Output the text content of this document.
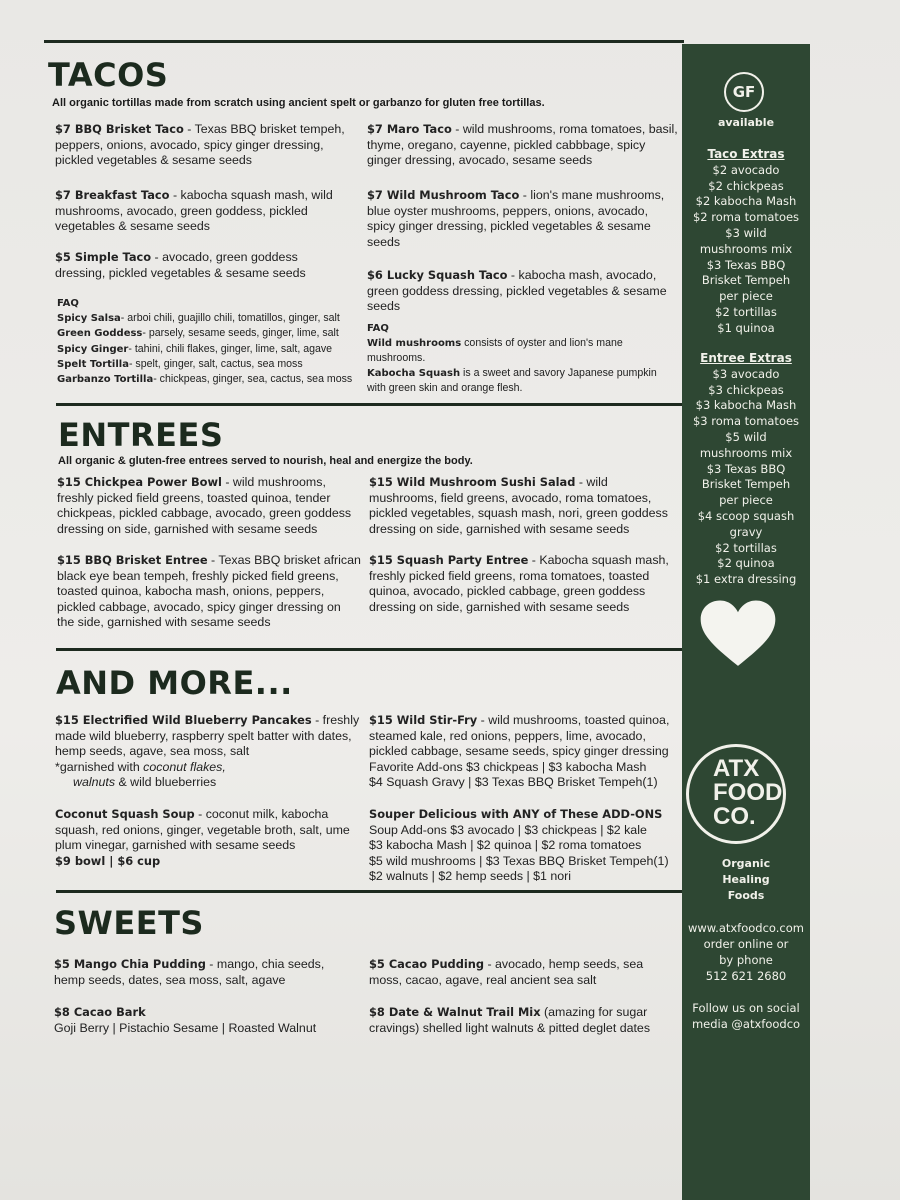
TACOS
All organic tortillas made from scratch using ancient spelt or garbanzo for gluten free tortillas.
$7 BBQ Brisket Taco - Texas BBQ brisket tempeh, peppers, onions, avocado, spicy ginger dressing, pickled vegetables & sesame seeds
$7 Breakfast Taco - kabocha squash mash, wild mushrooms, avocado, green goddess, pickled vegetables & sesame seeds
$5 Simple Taco - avocado, green goddess dressing, pickled vegetables & sesame seeds
$7 Maro Taco - wild mushrooms, roma tomatoes, basil, thyme, oregano, cayenne, pickled cabbbage, spicy ginger dressing, avocado, sesame seeds
$7 Wild Mushroom Taco - lion's mane mushrooms, blue oyster mushrooms, peppers, onions, avocado, spicy ginger dressing, pickled vegetables & sesame seeds
$6 Lucky Squash Taco - kabocha mash, avocado, green goddess dressing, pickled vegetables & sesame seeds
FAQ
Spicy Salsa- arboi chili, guajillo chili, tomatillos, ginger, salt
Green Goddess- parsely, sesame seeds, ginger, lime, salt
Spicy Ginger- tahini, chili flakes, ginger, lime, salt, agave
Spelt Tortilla- spelt, ginger, salt, cactus, sea moss
Garbanzo Tortilla- chickpeas, ginger, sea, cactus, sea moss
FAQ
Wild mushrooms consists of oyster and lion's mane mushrooms.
Kabocha Squash is a sweet and savory Japanese pumpkin with green skin and orange flesh.
ENTREES
All organic & gluten-free entrees served to nourish, heal and energize the body.
$15 Chickpea Power Bowl - wild mushrooms, freshly picked field greens, toasted quinoa, tender chickpeas, pickled cabbage, avocado, green goddess dressing on side, garnished with sesame seeds
$15 BBQ Brisket Entree - Texas BBQ brisket african black eye bean tempeh, freshly picked field greens, toasted quinoa, kabocha mash, onions, peppers, pickled cabbage, avocado, spicy ginger dressing on the side, garnished with sesame seeds
$15 Wild Mushroom Sushi Salad - wild mushrooms, field greens, avocado, roma tomatoes, pickled vegetables, squash mash, nori, green goddess dressing on side, garnished with sesame seeds
$15 Squash Party Entree - Kabocha squash mash, freshly picked field greens, roma tomatoes, toasted quinoa, avocado, pickled cabbage, green goddess dressing on side, garnished with sesame seeds
AND MORE...
$15 Electrified Wild Blueberry Pancakes - freshly made wild blueberry, raspberry spelt batter with dates, hemp seeds, agave, sea moss, salt
*garnished with coconut flakes,
walnuts & wild blueberries
Coconut Squash Soup - coconut milk, kabocha squash, red onions, ginger, vegetable broth, salt, ume plum vinegar, garnished with sesame seeds
$9 bowl | $6 cup
$15 Wild Stir-Fry - wild mushrooms, toasted quinoa, steamed kale, red onions, peppers, lime, avocado, pickled cabbage, sesame seeds, spicy ginger dressing
Favorite Add-ons $3 chickpeas | $3 kabocha Mash
$4 Squash Gravy | $3 Texas BBQ Brisket Tempeh(1)
Souper Delicious with ANY of These ADD-ONS
Soup Add-ons $3 avocado | $3 chickpeas | $2 kale
$3 kabocha Mash | $2 quinoa | $2 roma tomatoes
$5 wild mushrooms | $3 Texas BBQ Brisket Tempeh(1)
$2 walnuts | $2 hemp seeds | $1 nori
SWEETS
$5 Mango Chia Pudding - mango, chia seeds, hemp seeds, dates, sea moss, salt, agave
$8 Cacao Bark
Goji Berry | Pistachio Sesame | Roasted Walnut
$5 Cacao Pudding - avocado, hemp seeds, sea moss, cacao, agave, real ancient sea salt
$8 Date & Walnut Trail Mix (amazing for sugar cravings) shelled light walnuts & pitted deglet dates
GF
available
Taco Extras
$2 avocado
$2 chickpeas
$2 kabocha Mash
$2 roma tomatoes
$3 wild
mushrooms mix
$3 Texas BBQ
Brisket Tempeh
per piece
$2 tortillas
$1 quinoa
Entree Extras
$3 avocado
$3 chickpeas
$3 kabocha Mash
$3 roma tomatoes
$5 wild
mushrooms mix
$3 Texas BBQ
Brisket Tempeh
per piece
$4 scoop squash
gravy
$2 tortillas
$2 quinoa
$1 extra dressing
ATX
FOOD
CO.
Organic
Healing
Foods
www.atxfoodco.com
order online or
by phone
512 621 2680
Follow us on social
media @atxfoodco
